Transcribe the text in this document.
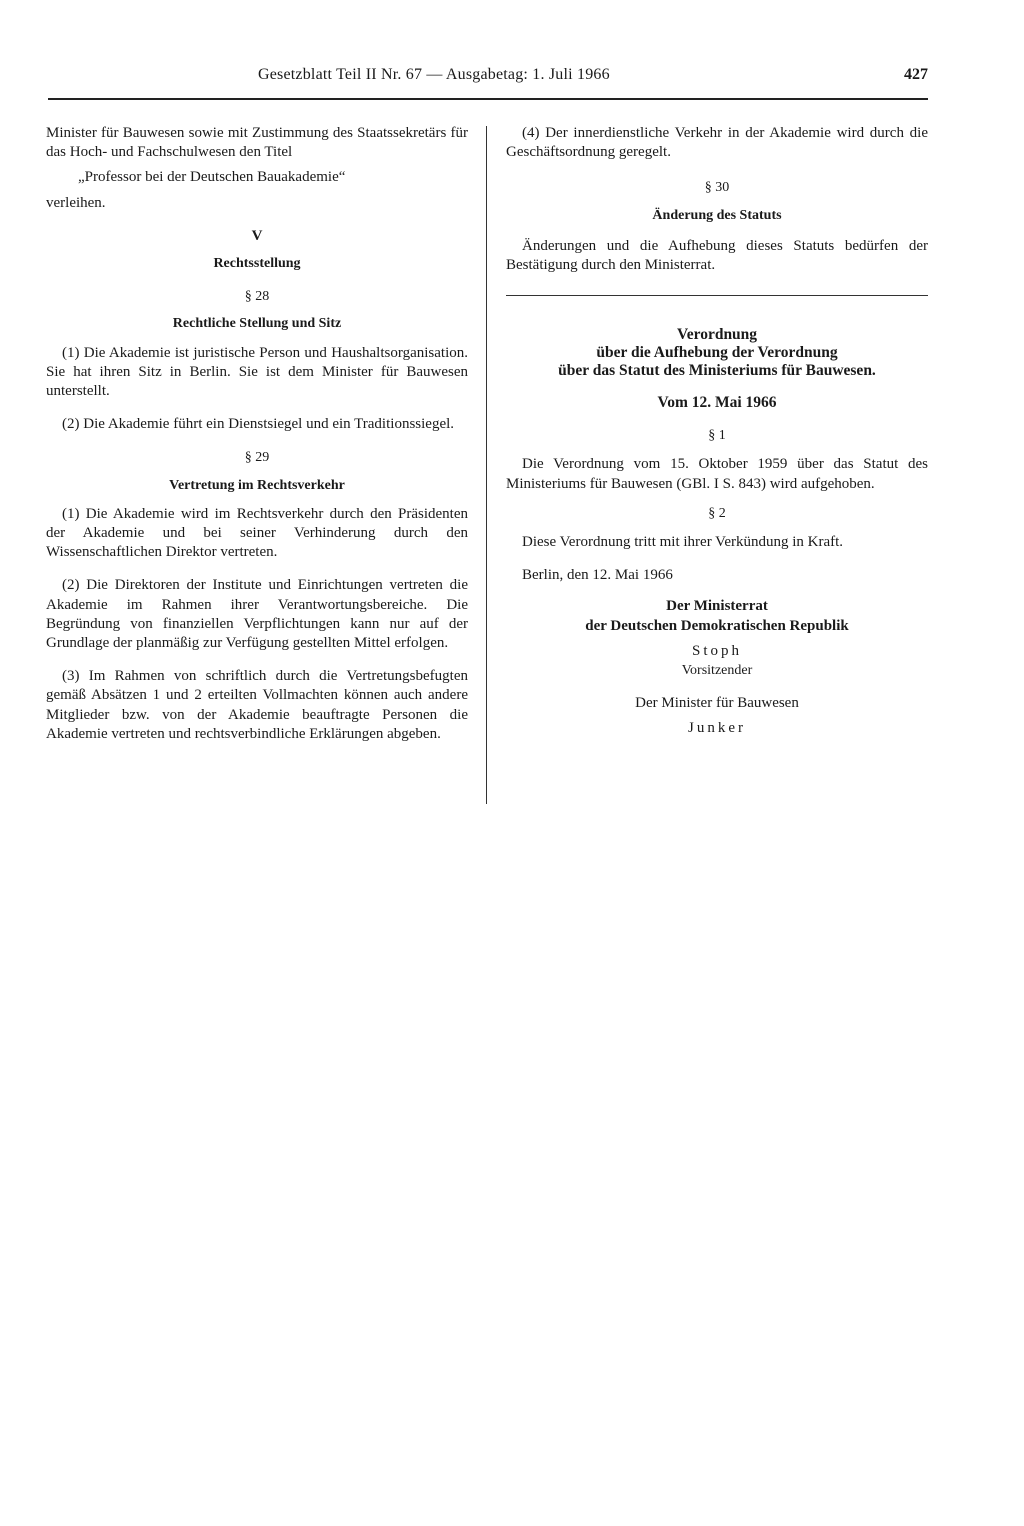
Gesetzblatt Teil II Nr. 67 — Ausgabetag: 1. Juli 1966	427

Minister für Bauwesen sowie mit Zustimmung des Staatssekretärs für das Hoch- und Fachschulwesen den Titel

„Professor bei der Deutschen Bauakademie“

verleihen.

V

Rechtsstellung

§ 28

Rechtliche Stellung und Sitz

(1) Die Akademie ist juristische Person und Haushaltsorganisation. Sie hat ihren Sitz in Berlin. Sie ist dem Minister für Bauwesen unterstellt.

(2) Die Akademie führt ein Dienstsiegel und ein Traditionssiegel.

§ 29

Vertretung im Rechtsverkehr

(1) Die Akademie wird im Rechtsverkehr durch den Präsidenten der Akademie und bei seiner Verhinderung durch den Wissenschaftlichen Direktor vertreten.

(2) Die Direktoren der Institute und Einrichtungen vertreten die Akademie im Rahmen ihrer Verantwortungsbereiche. Die Begründung von finanziellen Verpflichtungen kann nur auf der Grundlage der planmäßig zur Verfügung gestellten Mittel erfolgen.

(3) Im Rahmen von schriftlich durch die Vertretungsbefugten gemäß Absätzen 1 und 2 erteilten Vollmachten können auch andere Mitglieder bzw. von der Akademie beauftragte Personen die Akademie vertreten und rechtsverbindliche Erklärungen abgeben.

(4) Der innerdienstliche Verkehr in der Akademie wird durch die Geschäftsordnung geregelt.

§ 30

Änderung des Statuts

Änderungen und die Aufhebung dieses Statuts bedürfen der Bestätigung durch den Ministerrat.

Verordnung

über die Aufhebung der Verordnung

über das Statut des Ministeriums für Bauwesen.

Vom 12. Mai 1966

§ 1

Die Verordnung vom 15. Oktober 1959 über das Statut des Ministeriums für Bauwesen (GBl. I S. 843) wird aufgehoben.

§ 2

Diese Verordnung tritt mit ihrer Verkündung in Kraft.

Berlin, den 12. Mai 1966

Der Ministerrat

der Deutschen Demokratischen Republik

Stoph

Vorsitzender

Der Minister für Bauwesen

Junker
